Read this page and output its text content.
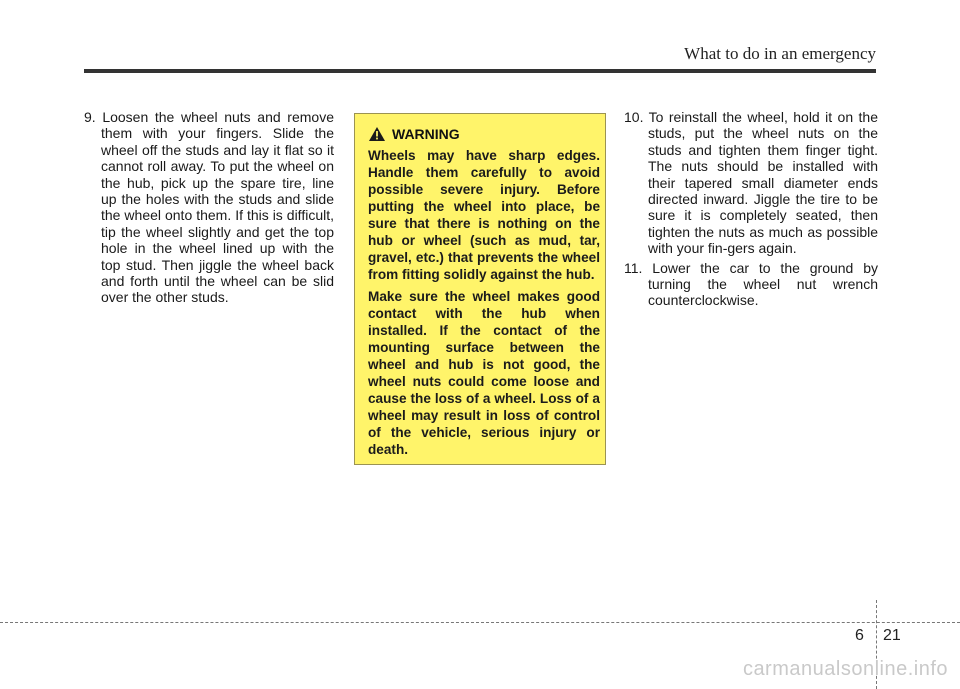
What to do in an emergency
9. Loosen the wheel nuts and remove them with your fingers. Slide the wheel off the studs and lay it flat so it cannot roll away. To put the wheel on the hub, pick up the spare tire, line up the holes with the studs and slide the wheel onto them. If this is difficult, tip the wheel slightly and get the top hole in the wheel lined up with the top stud. Then jiggle the wheel back and forth until the wheel can be slid over the other studs.
WARNING

Wheels may have sharp edges. Handle them carefully to avoid possible severe injury. Before putting the wheel into place, be sure that there is nothing on the hub or wheel (such as mud, tar, gravel, etc.) that prevents the wheel from fitting solidly against the hub.

Make sure the wheel makes good contact with the hub when installed. If the contact of the mounting surface between the wheel and hub is not good, the wheel nuts could come loose and cause the loss of a wheel. Loss of a wheel may result in loss of control of the vehicle, serious injury or death.

10. To reinstall the wheel, hold it on the studs, put the wheel nuts on the studs and tighten them finger tight. The nuts should be installed with their tapered small diameter ends directed inward. Jiggle the tire to be sure it is completely seated, then tighten the nuts as much as possible with your fin-gers again.
11. Lower the car to the ground by turning the wheel nut wrench counterclockwise.
6 21
carmanualsonline.info
